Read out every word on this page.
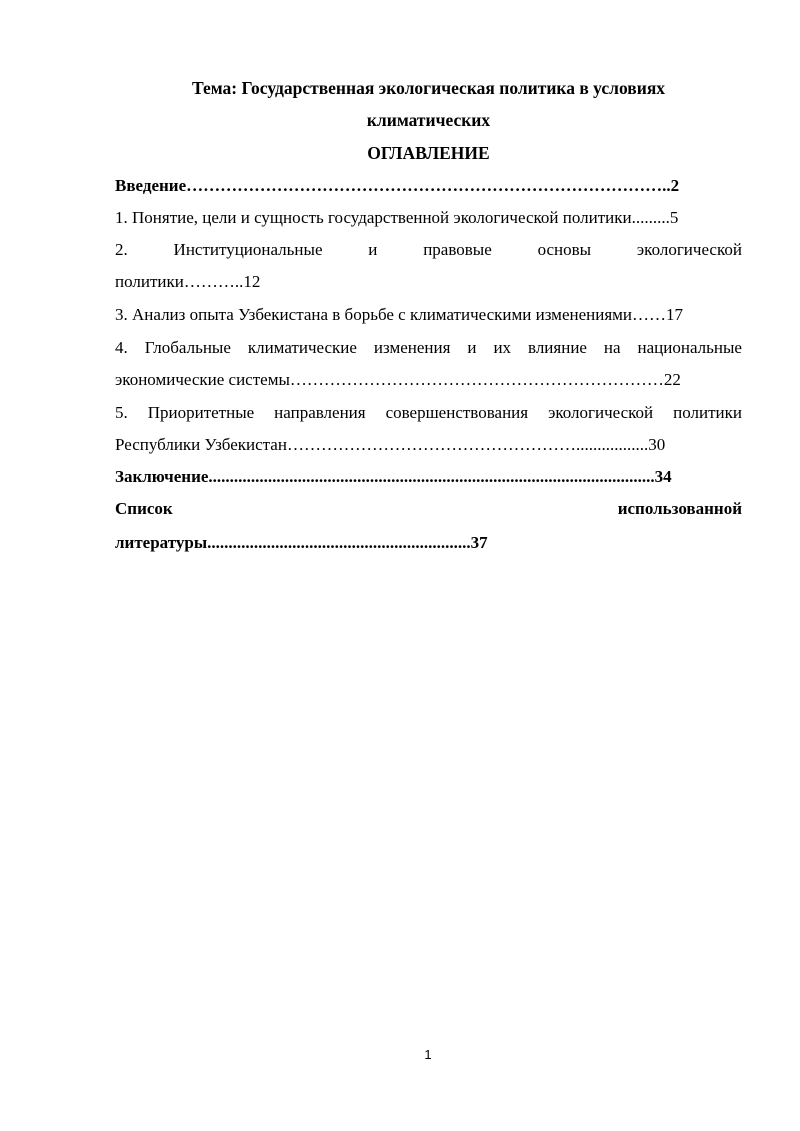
Тема: Государственная экологическая политика в условиях
климатических
ОГЛАВЛЕНИЕ
Введение…………………………………………………………………………..2
1. Понятие, цели и сущность государственной экологической политики.........5
2.	Институциональные	и	правовые	основы	экологической
политики………..12
3. Анализ опыта Узбекистана в борьбе с климатическими изменениями……17
4. Глобальные климатические изменения и их влияние на национальные
экономические системы…………………………………………………………22
5. Приоритетные направления совершенствования экологической политики
Республики Узбекистан…………………………………………….................30
Заключение.........................................................................................................34
Список	использованной
литературы..............................................................37
1
